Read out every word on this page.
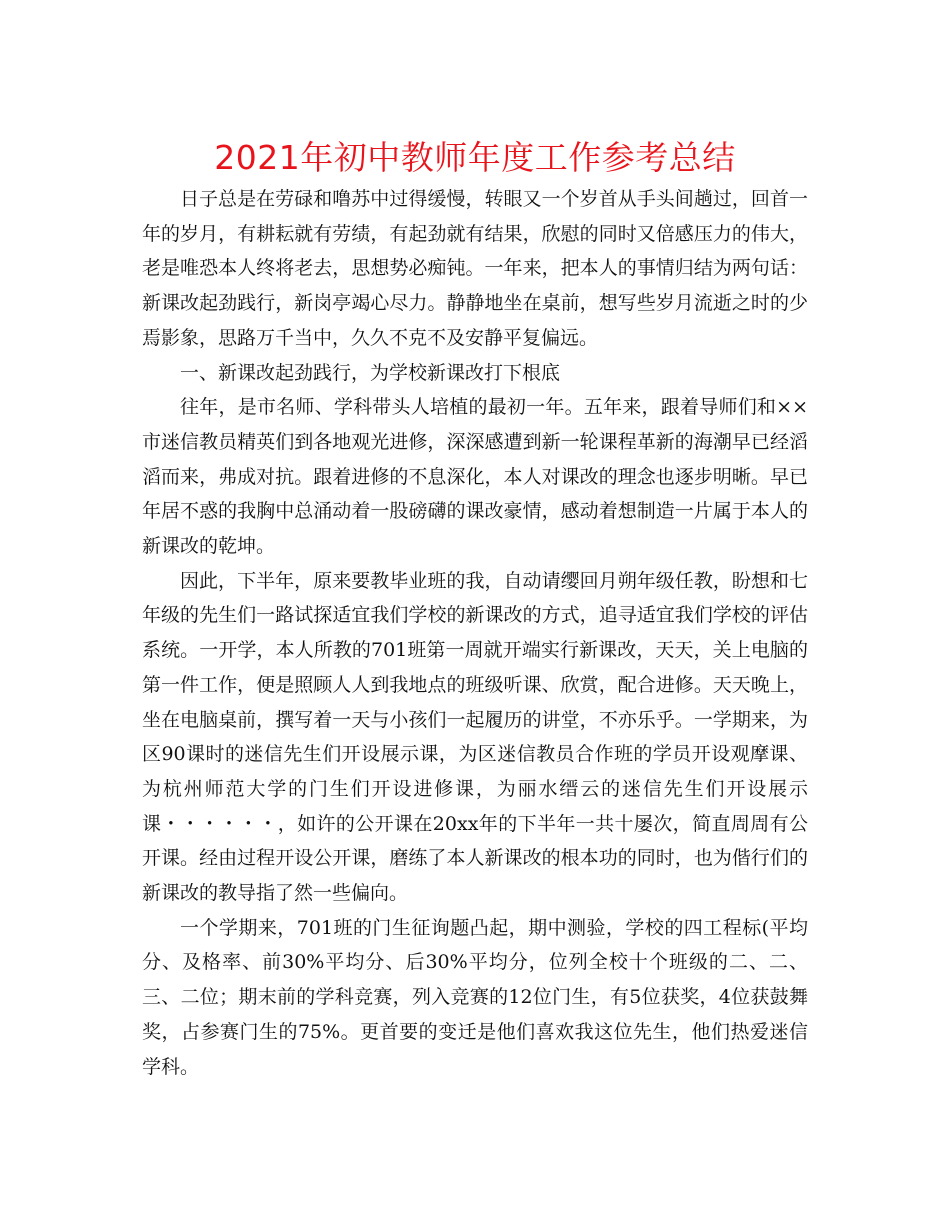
2021年初中教师年度工作参考总结

日子总是在劳碌和噜苏中过得缓慢，转眼又一个岁首从手头间趟过，回首一年的岁月，有耕耘就有劳绩，有起劲就有结果，欣慰的同时又倍感压力的伟大，老是唯恐本人终将老去，思想势必痴钝。一年来，把本人的事情归结为两句话：新课改起劲践行，新岗亭竭心尽力。静静地坐在桌前，想写些岁月流逝之时的少焉影象，思路万千当中，久久不克不及安静平复偏远。

一、新课改起劲践行，为学校新课改打下根底

往年，是市名师、学科带头人培植的最初一年。五年来，跟着导师们和××市迷信教员精英们到各地观光进修，深深感遭到新一轮课程革新的海潮早已经滔滔而来，弗成对抗。跟着进修的不息深化，本人对课改的理念也逐步明晰。早已年居不惑的我胸中总涌动着一股磅礴的课改豪情，感动着想制造一片属于本人的新课改的乾坤。

因此，下半年，原来要教毕业班的我，自动请缨回月朔年级任教，盼想和七年级的先生们一路试探适宜我们学校的新课改的方式，追寻适宜我们学校的评估系统。一开学，本人所教的701班第一周就开端实行新课改，天天，关上电脑的第一件工作，便是照顾人人到我地点的班级听课、欣赏，配合进修。天天晚上，坐在电脑桌前，撰写着一天与小孩们一起履历的讲堂，不亦乐乎。一学期来，为区90课时的迷信先生们开设展示课，为区迷信教员合作班的学员开设观摩课、为杭州师范大学的门生们开设进修课，为丽水缙云的迷信先生们开设展示课・・・・・・，如许的公开课在20xx年的下半年一共十屡次，简直周周有公开课。经由过程开设公开课，磨练了本人新课改的根本功的同时，也为偕行们的新课改的教导指了然一些偏向。

一个学期来，701班的门生征询题凸起，期中测验，学校的四工程标(平均分、及格率、前30%平均分、后30%平均分，位列全校十个班级的二、二、三、二位；期末前的学科竞赛，列入竞赛的12位门生，有5位获奖，4位获鼓舞奖，占参赛门生的75%。更首要的变迁是他们喜欢我这位先生，他们热爱迷信学科。
